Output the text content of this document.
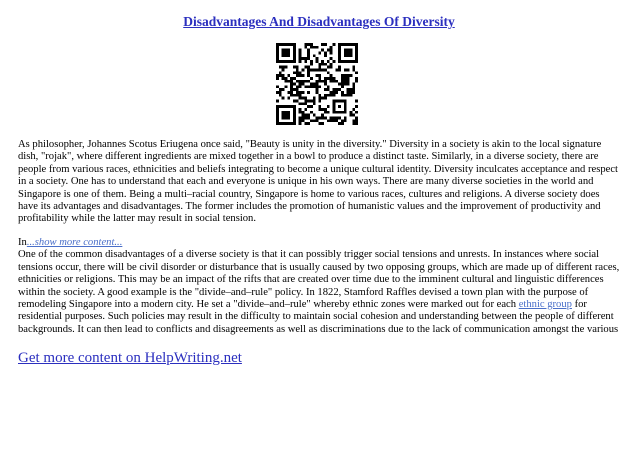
Disadvantages And Disadvantages Of Diversity

As philosopher, Johannes Scotus Eriugena once said, "Beauty is unity in the diversity." Diversity in a society is akin to the local signature dish, "rojak", where different ingredients are mixed together in a bowl to produce a distinct taste. Similarly, in a diverse society, there are people from various races, ethnicities and beliefs integrating to become a unique cultural identity. Diversity inculcates acceptance and respect in a society. One has to understand that each and everyone is unique in his own ways. There are many diverse societies in the world and Singapore is one of them. Being a multi–racial country, Singapore is home to various races, cultures and religions. A diverse society does have its advantages and disadvantages. The former includes the promotion of humanistic values and the improvement of productivity and profitability while the latter may result in social tension.

In...show more content...
One of the common disadvantages of a diverse society is that it can possibly trigger social tensions and unrests. In instances where social tensions occur, there will be civil disorder or disturbance that is usually caused by two opposing groups, which are made up of different races, ethnicities or religions. This may be an impact of the rifts that are created over time due to the imminent cultural and linguistic differences within the society. A good example is the "divide–and–rule" policy. In 1822, Stamford Raffles devised a town plan with the purpose of remodeling Singapore into a modern city. He set a "divide–and–rule" whereby ethnic zones were marked out for each ethnic group for residential purposes. Such policies may result in the difficulty to maintain social cohesion and understanding between the people of different backgrounds. It can then lead to conflicts and disagreements as well as discriminations due to the lack of communication amongst the various

Get more content on HelpWriting.net
